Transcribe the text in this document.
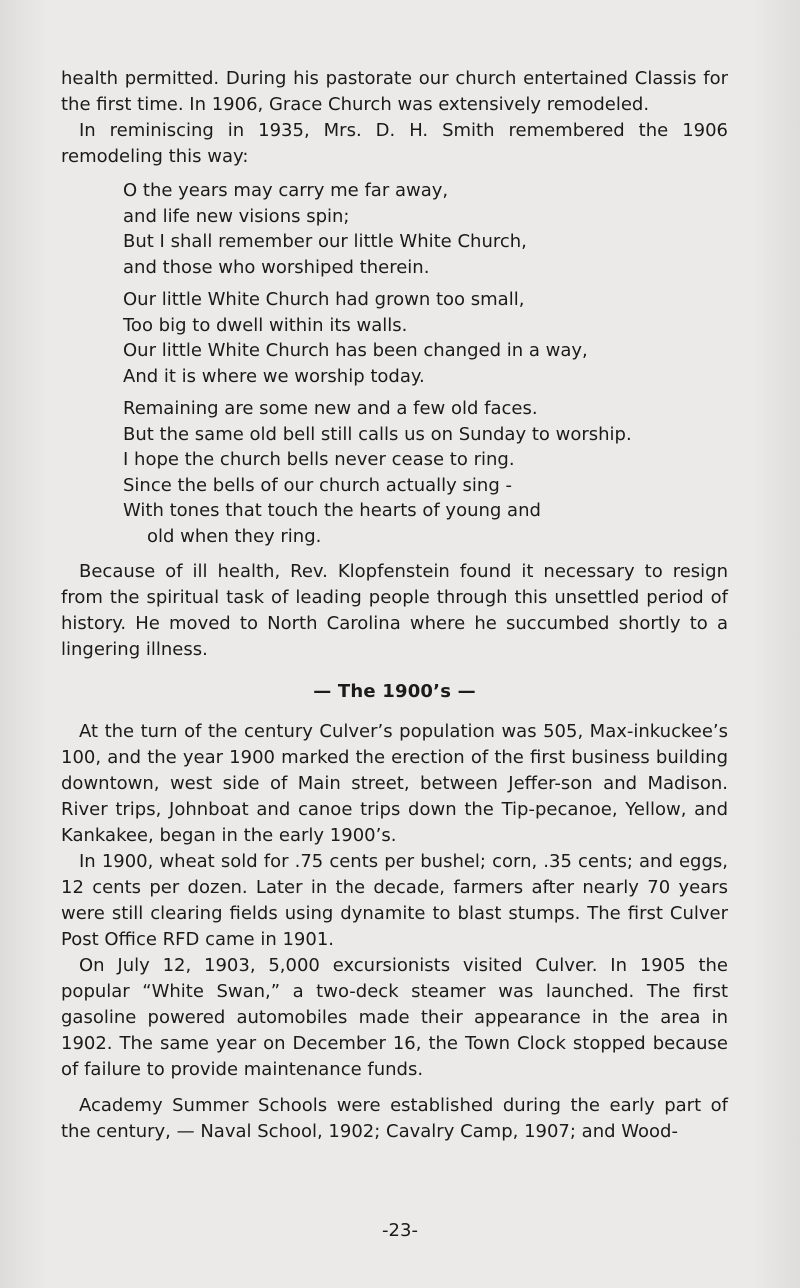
health permitted. During his pastorate our church entertained Classis for the first time. In 1906, Grace Church was extensively remodeled.

In reminiscing in 1935, Mrs. D. H. Smith remembered the 1906 remodeling this way:

O the years may carry me far away,
and life new visions spin;
But I shall remember our little White Church,
and those who worshiped therein.
Our little White Church had grown too small,
Too big to dwell within its walls.
Our little White Church has been changed in a way,
And it is where we worship today.
Remaining are some new and a few old faces.
But the same old bell still calls us on Sunday to worship.
I hope the church bells never cease to ring.
Since the bells of our church actually sing -
With tones that touch the hearts of young and
old when they ring.

Because of ill health, Rev. Klopfenstein found it necessary to resign from the spiritual task of leading people through this unsettled period of history. He moved to North Carolina where he succumbed shortly to a lingering illness.

— The 1900’s —

At the turn of the century Culver’s population was 505, Max-inkuckee’s 100, and the year 1900 marked the erection of the first business building downtown, west side of Main street, between Jeffer-son and Madison. River trips, Johnboat and canoe trips down the Tip-pecanoe, Yellow, and Kankakee, began in the early 1900’s.

In 1900, wheat sold for .75 cents per bushel; corn, .35 cents; and eggs, 12 cents per dozen. Later in the decade, farmers after nearly 70 years were still clearing fields using dynamite to blast stumps. The first Culver Post Office RFD came in 1901.

On July 12, 1903, 5,000 excursionists visited Culver. In 1905 the popular “White Swan,” a two-deck steamer was launched. The first gasoline powered automobiles made their appearance in the area in 1902. The same year on December 16, the Town Clock stopped because of failure to provide maintenance funds.

Academy Summer Schools were established during the early part of the century, — Naval School, 1902; Cavalry Camp, 1907; and Wood-

-23-
